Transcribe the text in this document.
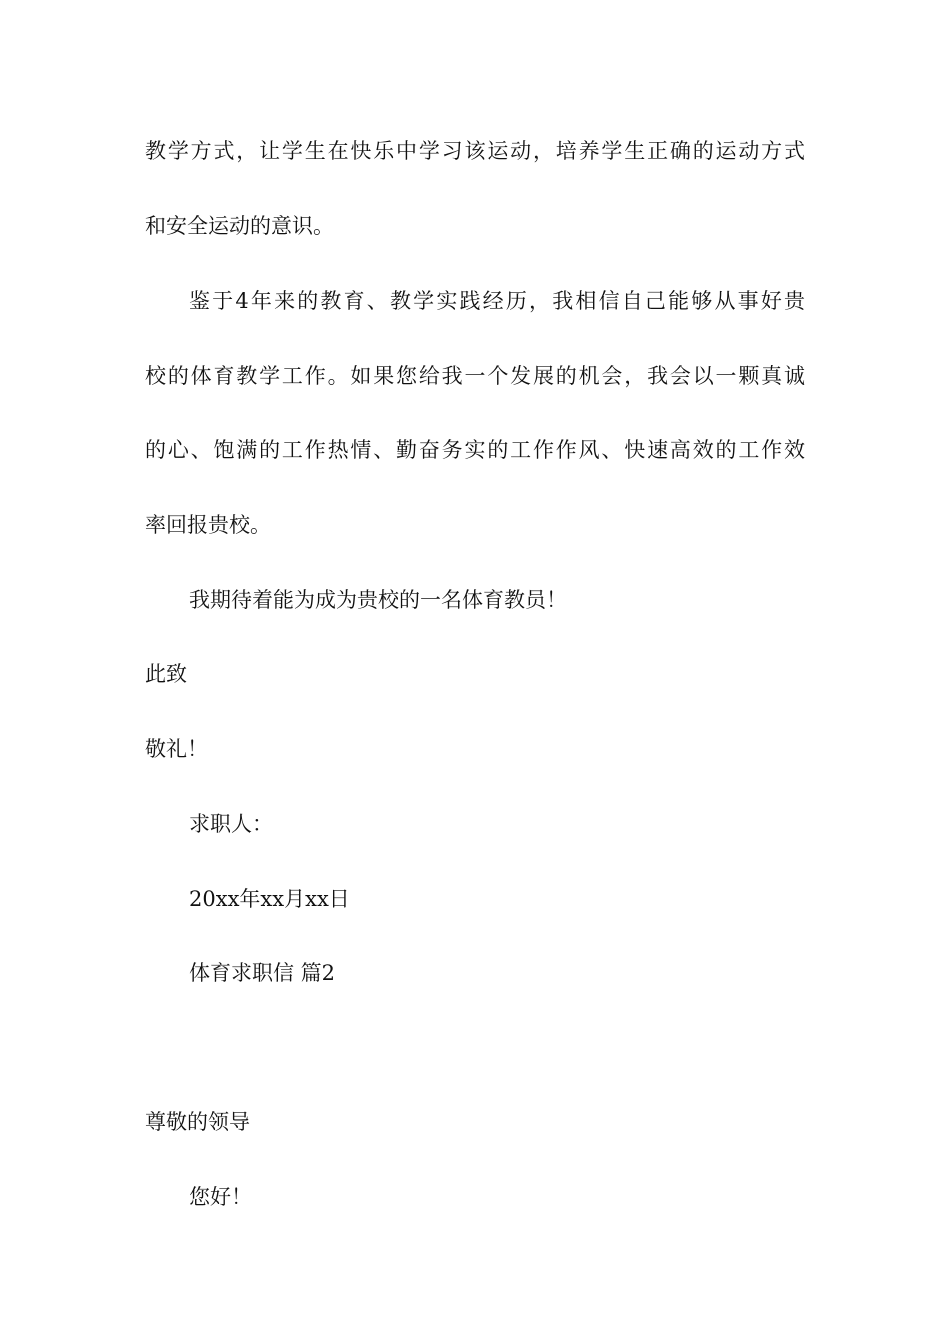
教学方式，让学生在快乐中学习该运动，培养学生正确的运动方式
和安全运动的意识。
鉴于4年来的教育、教学实践经历，我相信自己能够从事好贵
校的体育教学工作。如果您给我一个发展的机会，我会以一颗真诚
的心、饱满的工作热情、勤奋务实的工作作风、快速高效的工作效
率回报贵校。
我期待着能为成为贵校的一名体育教员！
此致
敬礼！
求职人：
20xx年xx月xx日
体育求职信 篇2
尊敬的领导
您好！
